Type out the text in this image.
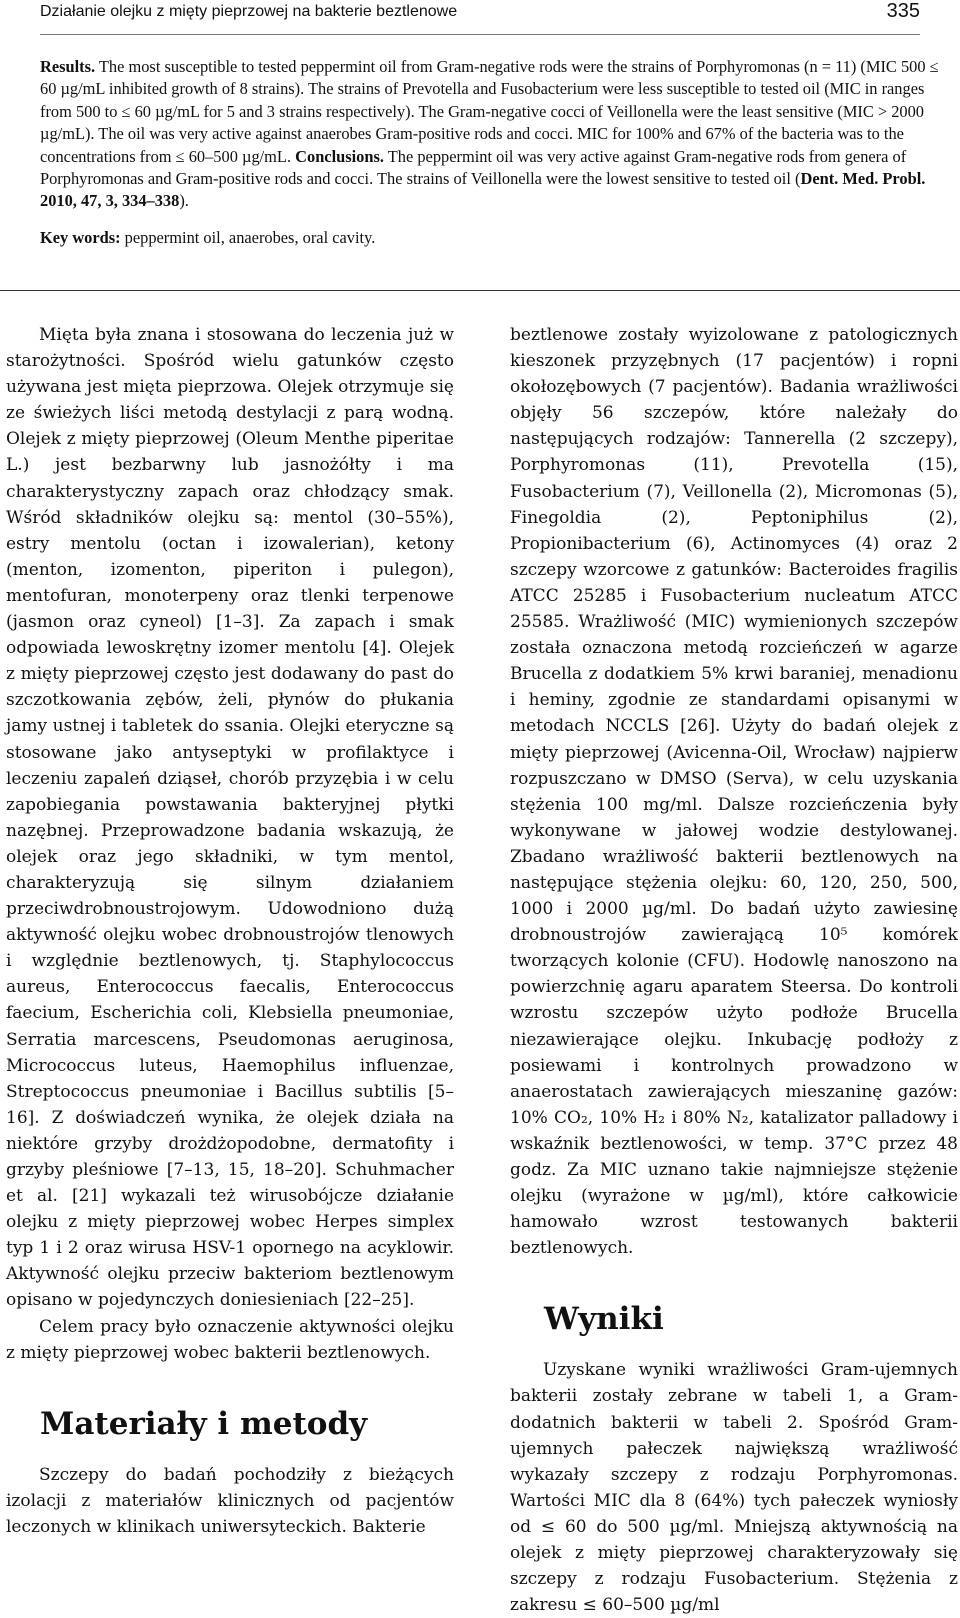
Działanie olejku z mięty pieprzowej na bakterie beztlenowe	335

Results. The most susceptible to tested peppermint oil from Gram-negative rods were the strains of Porphyromonas (n = 11) (MIC 500 ≤ 60 µg/mL inhibited growth of 8 strains). The strains of Prevotella and Fusobacterium were less susceptible to tested oil (MIC in ranges from 500 to ≤ 60 µg/mL for 5 and 3 strains respectively). The Gram-negative cocci of Veillonella were the least sensitive (MIC > 2000 µg/mL). The oil was very active against anaerobes Gram-positive rods and cocci. MIC for 100% and 67% of the bacteria was to the concentrations from ≤ 60–500 µg/mL. Conclusions. The peppermint oil was very active against Gram-negative rods from genera of Porphyromonas and Gram-positive rods and cocci. The strains of Veillonella were the lowest sensitive to tested oil (Dent. Med. Probl. 2010, 47, 3, 334–338).

Key words: peppermint oil, anaerobes, oral cavity.

Mięta była znana i stosowana do leczenia już w starożytności. Spośród wielu gatunków często używana jest mięta pieprzowa. Olejek otrzymuje się ze świeżych liści metodą destylacji z parą wodną. Olejek z mięty pieprzowej (Oleum Menthe piperitae L.) jest bezbarwny lub jasnożółty i ma charakterystyczny zapach oraz chłodzący smak. Wśród składników olejku są: mentol (30–55%), estry mentolu (octan i izowalerian), ketony (menton, izomenton, piperiton i pulegon), mentofuran, monoterpeny oraz tlenki terpenowe (jasmon oraz cyneol) [1–3]. Za zapach i smak odpowiada lewoskrętny izomer mentolu [4]. Olejek z mięty pieprzowej często jest dodawany do past do szczotkowania zębów, żeli, płynów do płukania jamy ustnej i tabletek do ssania. Olejki eteryczne są stosowane jako antyseptyki w profilaktyce i leczeniu zapaleń dziąseł, chorób przyzębia i w celu zapobiegania powstawania bakteryjnej płytki nazębnej. Przeprowadzone badania wskazują, że olejek oraz jego składniki, w tym mentol, charakteryzują się silnym działaniem przeciwdrobnoustrojowym. Udowodniono dużą aktywność olejku wobec drobnoustrojów tlenowych i względnie beztlenowych, tj. Staphylococcus aureus, Enterococcus faecalis, Enterococcus faecium, Escherichia coli, Klebsiella pneumoniae, Serratia marcescens, Pseudomonas aeruginosa, Micrococcus luteus, Haemophilus influenzae, Streptococcus pneumoniae i Bacillus subtilis [5–16]. Z doświadczeń wynika, że olejek działa na niektóre grzyby drożdżopodobne, dermatofity i grzyby pleśniowe [7–13, 15, 18–20]. Schuhmacher et al. [21] wykazali też wirusobójcze działanie olejku z mięty pieprzowej wobec Herpes simplex typ 1 i 2 oraz wirusa HSV-1 opornego na acyklowir. Aktywność olejku przeciw bakteriom beztlenowym opisano w pojedynczych doniesieniach [22–25].

Celem pracy było oznaczenie aktywności olejku z mięty pieprzowej wobec bakterii beztlenowych.

Materiały i metody

Szczepy do badań pochodziły z bieżących izolacji z materiałów klinicznych od pacjentów leczonych w klinikach uniwersyteckich. Bakterie

beztlenowe zostały wyizolowane z patologicznych kieszonek przyzębnych (17 pacjentów) i ropni okołozębowych (7 pacjentów). Badania wrażliwości objęły 56 szczepów, które należały do następujących rodzajów: Tannerella (2 szczepy), Porphyromonas (11), Prevotella (15), Fusobacterium (7), Veillonella (2), Micromonas (5), Finegoldia (2), Peptoniphilus (2), Propionibacterium (6), Actinomyces (4) oraz 2 szczepy wzorcowe z gatunków: Bacteroides fragilis ATCC 25285 i Fusobacterium nucleatum ATCC 25585. Wrażliwość (MIC) wymienionych szczepów została oznaczona metodą rozcieńczeń w agarze Brucella z dodatkiem 5% krwi baraniej, menadionu i heminy, zgodnie ze standardami opisanymi w metodach NCCLS [26]. Użyty do badań olejek z mięty pieprzowej (Avicenna-Oil, Wrocław) najpierw rozpuszczano w DMSO (Serva), w celu uzyskania stężenia 100 mg/ml. Dalsze rozcieńczenia były wykonywane w jałowej wodzie destylowanej. Zbadano wrażliwość bakterii beztlenowych na następujące stężenia olejku: 60, 120, 250, 500, 1000 i 2000 µg/ml. Do badań użyto zawiesinę drobnoustrojów zawierającą 10⁵ komórek tworzących kolonie (CFU). Hodowlę nanoszono na powierzchnię agaru aparatem Steersa. Do kontroli wzrostu szczepów użyto podłoże Brucella niezawierające olejku. Inkubację podłoży z posiewami i kontrolnych prowadzono w anaerostatach zawierających mieszaninę gazów: 10% CO₂, 10% H₂ i 80% N₂, katalizator palladowy i wskaźnik beztlenowości, w temp. 37°C przez 48 godz. Za MIC uznano takie najmniejsze stężenie olejku (wyrażone w µg/ml), które całkowicie hamowało wzrost testowanych bakterii beztlenowych.

Wyniki

Uzyskane wyniki wrażliwości Gram-ujemnych bakterii zostały zebrane w tabeli 1, a Gram-dodatnich bakterii w tabeli 2. Spośród Gram-ujemnych pałeczek największą wrażliwość wykazały szczepy z rodzaju Porphyromonas. Wartości MIC dla 8 (64%) tych pałeczek wyniosły od ≤ 60 do 500 µg/ml. Mniejszą aktywnością na olejek z mięty pieprzowej charakteryzowały się szczepy z rodzaju Fusobacterium. Stężenia z zakresu ≤ 60–500 µg/ml
